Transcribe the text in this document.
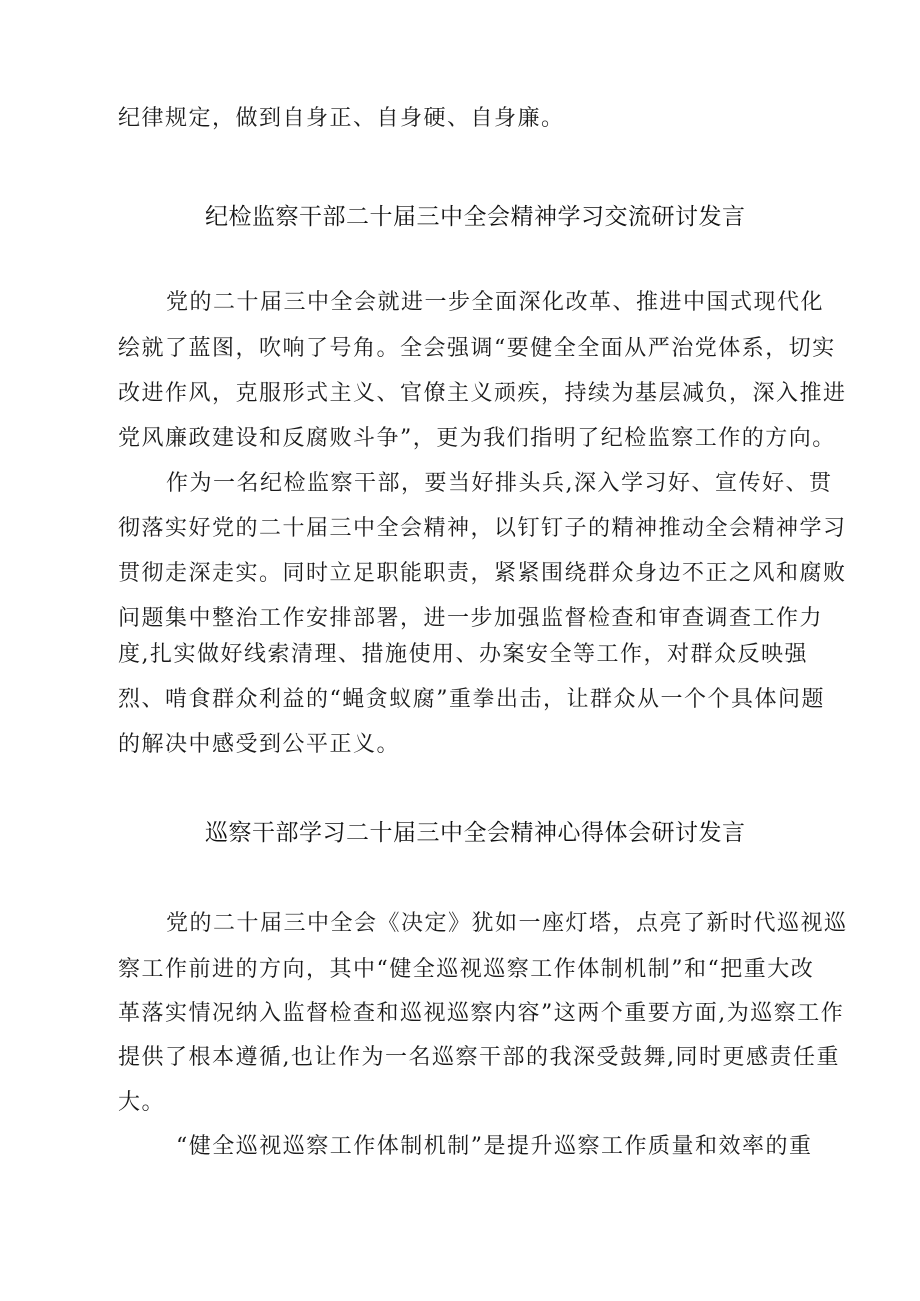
纪律规定，做到自身正、自身硬、自身廉。
纪检监察干部二十届三中全会精神学习交流研讨发言
党的二十届三中全会就进一步全面深化改革、推进中国式现代化
绘就了蓝图，吹响了号角。全会强调“要健全全面从严治党体系，切实
改进作风，克服形式主义、官僚主义顽疾，持续为基层减负，深入推进
党风廉政建设和反腐败斗争”，更为我们指明了纪检监察工作的方向。
作为一名纪检监察干部，要当好排头兵,深入学习好、宣传好、贯
彻落实好党的二十届三中全会精神，以钉钉子的精神推动全会精神学习
贯彻走深走实。同时立足职能职责，紧紧围绕群众身边不正之风和腐败
问题集中整治工作安排部署，进一步加强监督检查和审查调查工作力
度,扎实做好线索清理、措施使用、办案安全等工作，对群众反映强
烈、啃食群众利益的“蝇贪蚁腐”重拳出击，让群众从一个个具体问题
的解决中感受到公平正义。
巡察干部学习二十届三中全会精神心得体会研讨发言
党的二十届三中全会《决定》犹如一座灯塔，点亮了新时代巡视巡
察工作前进的方向，其中“健全巡视巡察工作体制机制”和“把重大改
革落实情况纳入监督检查和巡视巡察内容”这两个重要方面,为巡察工作
提供了根本遵循,也让作为一名巡察干部的我深受鼓舞,同时更感责任重
大。
“健全巡视巡察工作体制机制”是提升巡察工作质量和效率的重
